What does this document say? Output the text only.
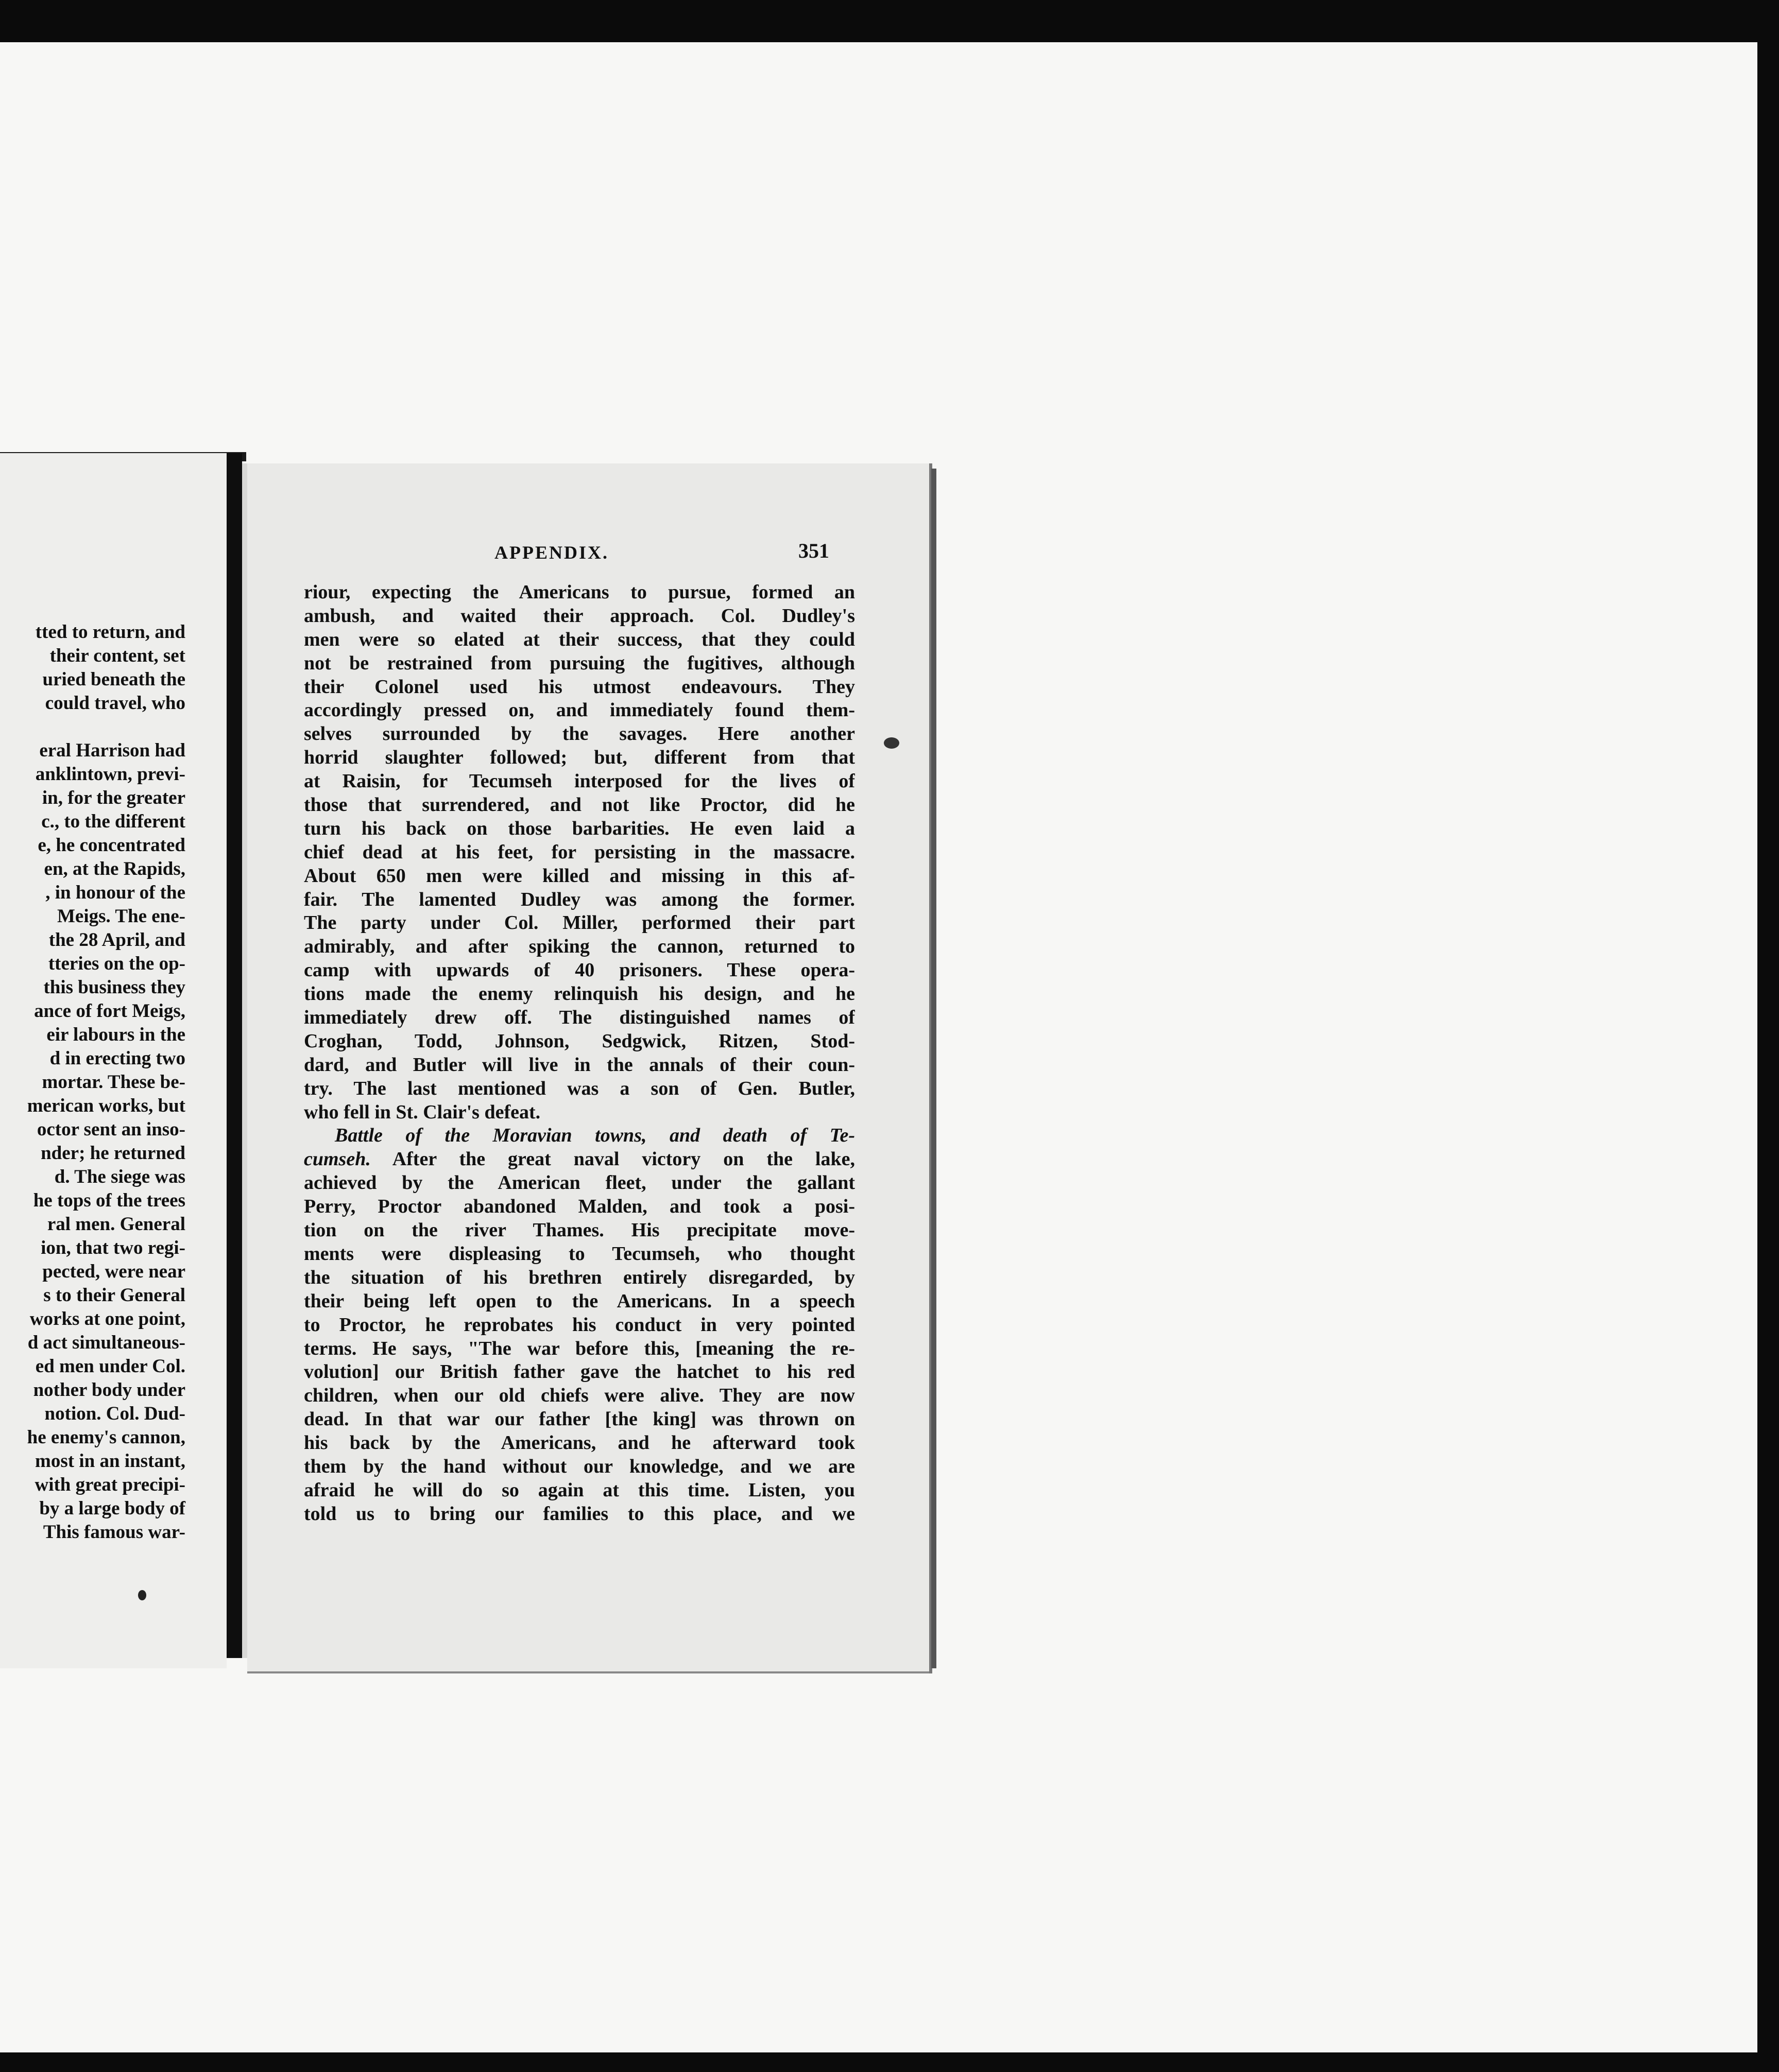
tted to return, and
their content, set
uried beneath the
could travel, who
eral Harrison had
anklintown, previ-
in, for the greater
c., to the different
e, he concentrated
en, at the Rapids,
, in honour of the
Meigs. The ene-
the 28 April, and
tteries on the op-
this business they
ance of fort Meigs,
eir labours in the
d in erecting two
mortar. These be-
merican works, but
octor sent an inso-
nder; he returned
d. The siege was
he tops of the trees
ral men. General
ion, that two regi-
pected, were near
s to their General
works at one point,
d act simultaneous-
ed men under Col.
nother body under
notion. Col. Dud-
he enemy's cannon,
most in an instant,
with great precipi-
by a large body of
This famous war-
APPENDIX.	351
riour, expecting the Americans to pursue, formed an
ambush, and waited their approach. Col. Dudley's
men were so elated at their success, that they could
not be restrained from pursuing the fugitives, although
their Colonel used his utmost endeavours. They
accordingly pressed on, and immediately found them-
selves surrounded by the savages. Here another
horrid slaughter followed; but, different from that
at Raisin, for Tecumseh interposed for the lives of
those that surrendered, and not like Proctor, did he
turn his back on those barbarities. He even laid a
chief dead at his feet, for persisting in the massacre.
About 650 men were killed and missing in this af-
fair. The lamented Dudley was among the former.
The party under Col. Miller, performed their part
admirably, and after spiking the cannon, returned to
camp with upwards of 40 prisoners. These opera-
tions made the enemy relinquish his design, and he
immediately drew off. The distinguished names of
Croghan, Todd, Johnson, Sedgwick, Ritzen, Stod-
dard, and Butler will live in the annals of their coun-
try. The last mentioned was a son of Gen. Butler,
who fell in St. Clair's defeat.
Battle of the Moravian towns, and death of Te-
cumseh. After the great naval victory on the lake,
achieved by the American fleet, under the gallant
Perry, Proctor abandoned Malden, and took a posi-
tion on the river Thames. His precipitate move-
ments were displeasing to Tecumseh, who thought
the situation of his brethren entirely disregarded, by
their being left open to the Americans. In a speech
to Proctor, he reprobates his conduct in very pointed
terms. He says, "The war before this, [meaning the re-
volution] our British father gave the hatchet to his red
children, when our old chiefs were alive. They are now
dead. In that war our father [the king] was thrown on
his back by the Americans, and he afterward took
them by the hand without our knowledge, and we are
afraid he will do so again at this time. Listen, you
told us to bring our families to this place, and we
